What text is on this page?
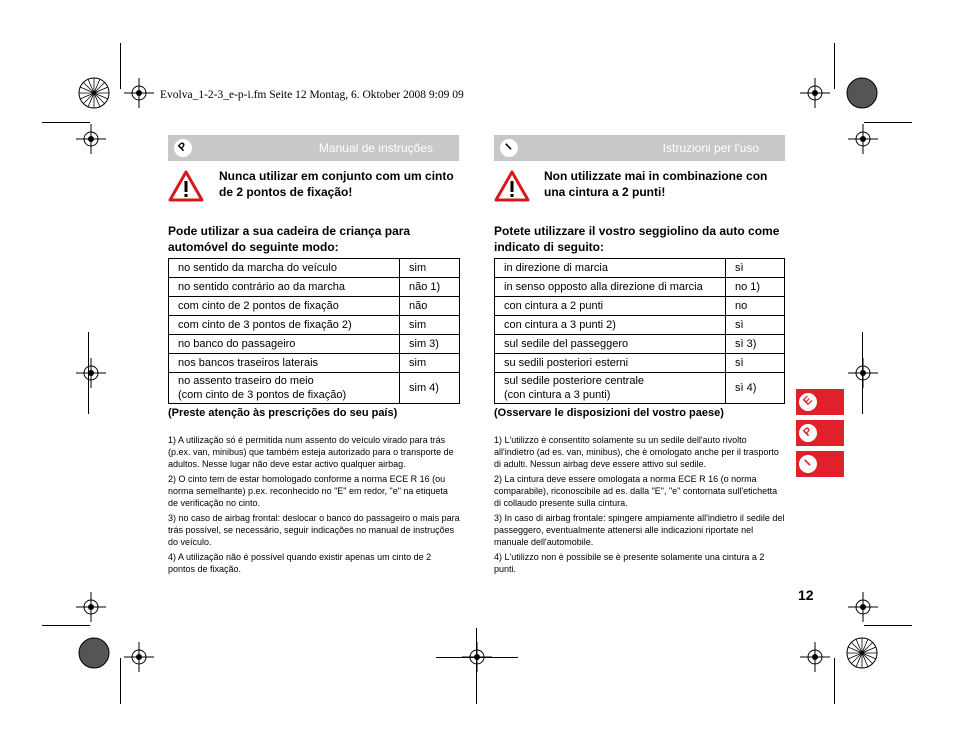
Evolva_1-2-3_e-p-i.fm Seite 12 Montag, 6. Oktober 2008 9:09 09
P	Manual de instruções
Nunca utilizar em conjunto com um cinto de 2 pontos de fixação!
Pode utilizar a sua cadeira de criança para automóvel do seguinte modo:
no sentido da marcha do veículo	sim
no sentido contrário ao da marcha	não 1)
com cinto de 2 pontos de fixação	não
com cinto de 3 pontos de fixação 2)	sim
no banco do passageiro	sim 3)
nos bancos traseiros laterais	sim

no assento traseiro do meio
(com cinto de 3 pontos de fixação)	sim 4)
(Preste atenção às prescrições do seu país)

1) A utilização só é permitida num assento do veículo virado para trás (p.ex. van, minibus) que também esteja autorizado para o transporte de adultos. Nesse lugar não deve estar activo qualquer airbag.

2) O cinto tem de estar homologado conforme a norma ECE R 16 (ou norma semelhante) p.ex. reconhecido no "E" em redor, "e" na etiqueta de verificação no cinto.

3) no caso de airbag frontal: deslocar o banco do passageiro o mais para trás possível, se necessário, seguir indicações no manual de instruções do veículo.

4) A utilização não é possível quando existir apenas um cinto de 2 pontos de fixação.

I	Istruzioni per l'uso
Non utilizzate mai in combinazione con una cintura a 2 punti!
Potete utilizzare il vostro seggiolino da auto come indicato di seguito:
in direzione di marcia	sì
in senso opposto alla direzione di marcia	no 1)
con cintura a 2 punti	no
con cintura a 3 punti 2)	sì
sul sedile del passeggero	sì 3)
su sedili posteriori esterni	sì

sul sedile posteriore centrale
(con cintura a 3 punti)	sì 4)
(Osservare le disposizioni del vostro paese)

1) L'utilizzo è consentito solamente su un sedile dell'auto rivolto all'indietro (ad es. van, minibus), che è omologato anche per il trasporto di adulti. Nessun airbag deve essere attivo sul sedile.

2) La cintura deve essere omologata a norma ECE R 16 (o norma comparabile), riconoscibile ad es. dalla "E", "e" contornata sull'etichetta di collaudo presente sulla cintura.

3) In caso di airbag frontale: spingere ampiamente all'indietro il sedile del passeggero, eventualmente attenersi alle indicazioni riportate nel manuale dell'automobile.

4) L'utilizzo non è possibile se è presente solamente una cintura a 2 punti.

E
P
I
12
